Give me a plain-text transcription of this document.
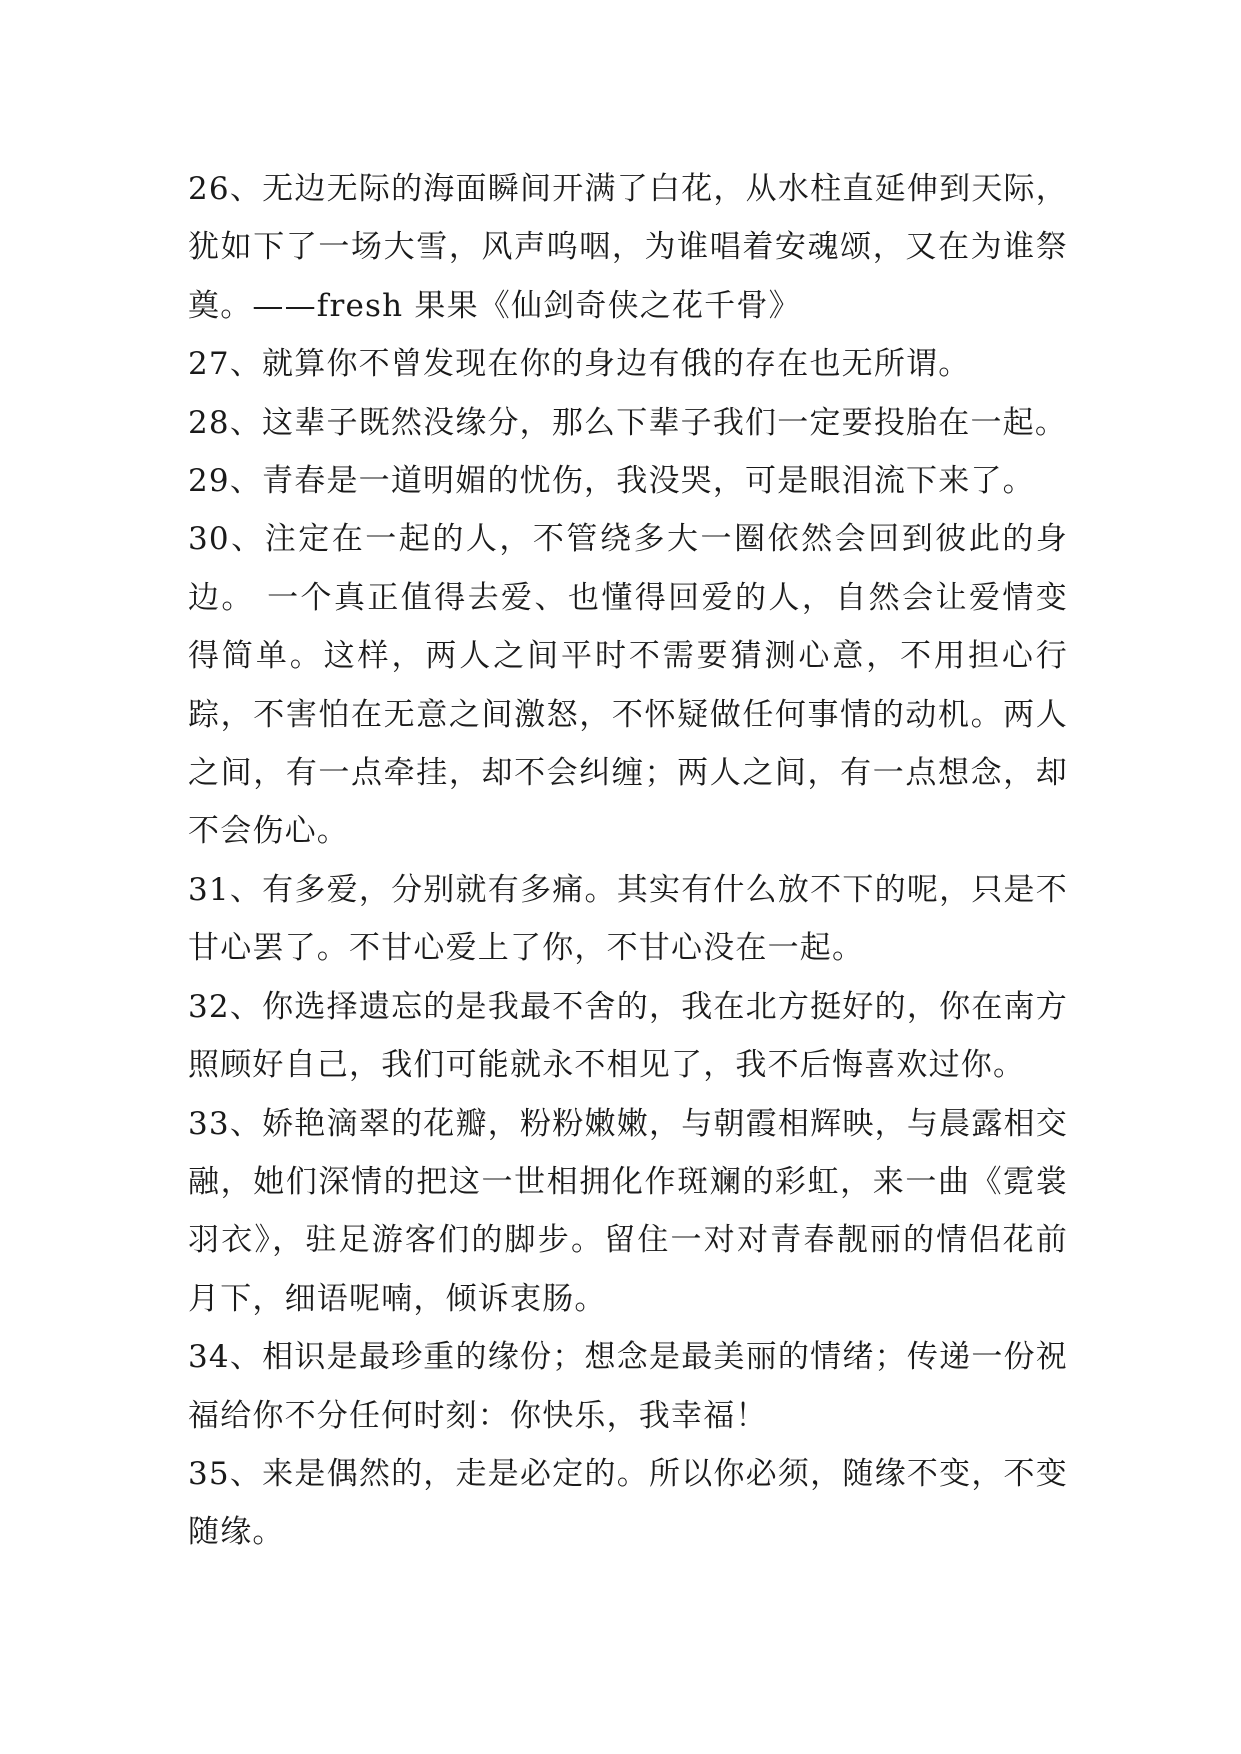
26、无边无际的海面瞬间开满了白花，从水柱直延伸到天际，犹如下了一场大雪，风声呜咽，为谁唱着安魂颂，又在为谁祭奠。——fresh 果果《仙剑奇侠之花千骨》

27、就算你不曾发现在你的身边有俄的存在也无所谓。

28、这辈子既然没缘分，那么下辈子我们一定要投胎在一起。

29、青春是一道明媚的忧伤，我没哭，可是眼泪流下来了。

30、注定在一起的人，不管绕多大一圈依然会回到彼此的身边。 一个真正值得去爱、也懂得回爱的人，自然会让爱情变得简单。这样，两人之间平时不需要猜测心意，不用担心行踪，不害怕在无意之间激怒，不怀疑做任何事情的动机。两人之间，有一点牵挂，却不会纠缠；两人之间，有一点想念，却不会伤心。

31、有多爱，分别就有多痛。其实有什么放不下的呢，只是不甘心罢了。不甘心爱上了你，不甘心没在一起。

32、你选择遗忘的是我最不舍的，我在北方挺好的，你在南方照顾好自己，我们可能就永不相见了，我不后悔喜欢过你。

33、娇艳滴翠的花瓣，粉粉嫩嫩，与朝霞相辉映，与晨露相交融，她们深情的把这一世相拥化作斑斓的彩虹，来一曲《霓裳羽衣》，驻足游客们的脚步。留住一对对青春靓丽的情侣花前月下，细语呢喃，倾诉衷肠。

34、相识是最珍重的缘份；想念是最美丽的情绪；传递一份祝福给你不分任何时刻：你快乐，我幸福！

35、来是偶然的，走是必定的。所以你必须，随缘不变，不变随缘。
